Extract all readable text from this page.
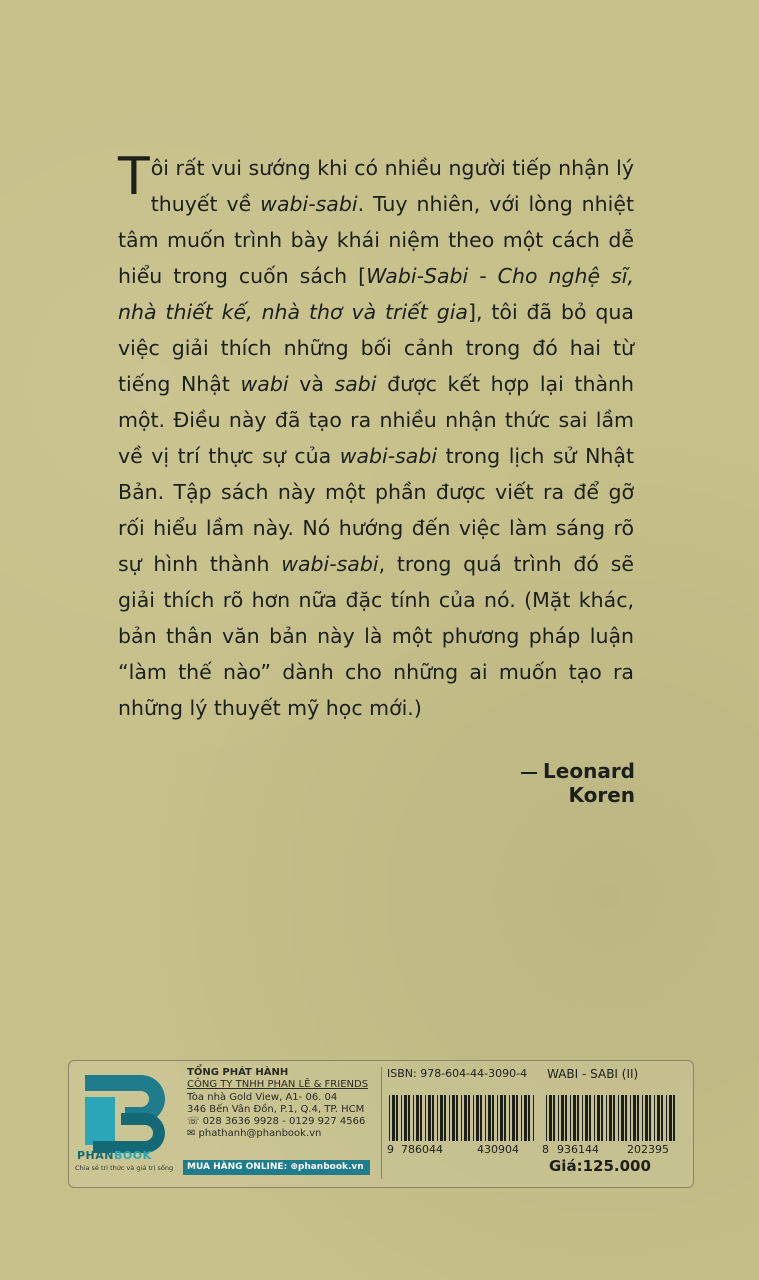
Tôi rất vui sướng khi có nhiều người tiếp nhận lý thuyết về wabi-sabi. Tuy nhiên, với lòng nhiệt tâm muốn trình bày khái niệm theo một cách dễ hiểu trong cuốn sách [Wabi-Sabi - Cho nghệ sĩ, nhà thiết kế, nhà thơ và triết gia], tôi đã bỏ qua việc giải thích những bối cảnh trong đó hai từ tiếng Nhật wabi và sabi được kết hợp lại thành một. Điều này đã tạo ra nhiều nhận thức sai lầm về vị trí thực sự của wabi-sabi trong lịch sử Nhật Bản. Tập sách này một phần được viết ra để gỡ rối hiểu lầm này. Nó hướng đến việc làm sáng rõ sự hình thành wabi-sabi, trong quá trình đó sẽ giải thích rõ hơn nữa đặc tính của nó. (Mặt khác, bản thân văn bản này là một phương pháp luận “làm thế nào” dành cho những ai muốn tạo ra những lý thuyết mỹ học mới.)
Leonard Koren
PHANBOOK
Chia sẻ tri thức và giá trị sống
TỔNG PHÁT HÀNH
CÔNG TY TNHH PHAN LÊ & FRIENDS
Tòa nhà Gold View, A1- 06. 04
346 Bến Vân Đồn, P.1, Q.4, TP. HCM
☏ 028 3636 9928 - 0129 927 4566
✉ phathanh@phanbook.vn
MUA HÀNG ONLINE: ⊕phanbook.vn
ISBN: 978-604-44-3090-4 WABI - SABI (II)
9 786044	430904 8 936144	202395
Giá:125.000
